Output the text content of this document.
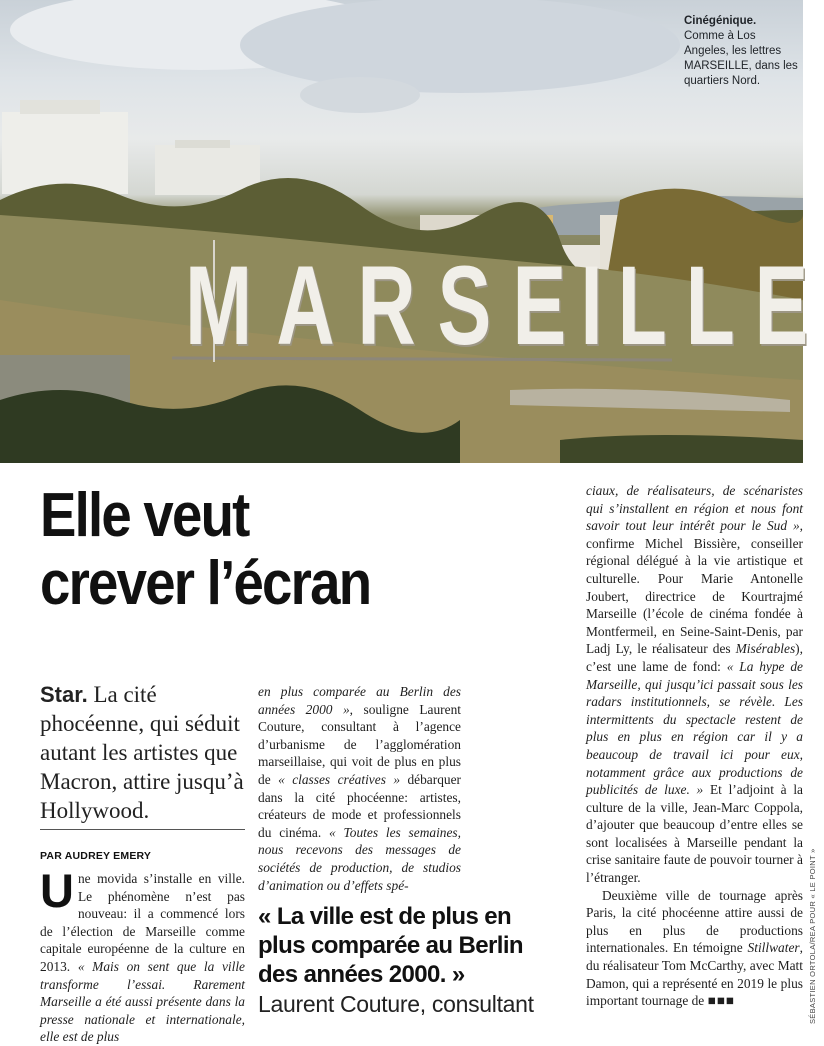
M A R S E I L L E
Cinégénique.
Comme à Los Angeles, les lettres MARSEILLE, dans les quartiers Nord.
Elle veut
crever l’écran
Star. La cité phocéenne, qui séduit autant les artistes que Macron, attire jusqu’à Hollywood.
PAR AUDREY EMERY

Une movida s’installe en ville. Le phénomène n’est pas nouveau: il a commencé lors de l’élection de Marseille comme capitale européenne de la culture en 2013. « Mais on sent que la ville transforme l’essai. Rarement Marseille a été aussi présente dans la presse nationale et internationale, elle est de plus

en plus comparée au Berlin des années 2000 », souligne Laurent Couture, consultant à l’agence d’urbanisme de l’agglomération marseillaise, qui voit de plus en plus de « classes créatives » débarquer dans la cité phocéenne: artistes, créateurs de mode et professionnels du cinéma. « Toutes les semaines, nous recevons des messages de sociétés de production, de studios d’animation ou d’effets spé-

« La ville est de plus en plus comparée au Berlin des années 2000. »
Laurent Couture, consultant

ciaux, de réalisateurs, de scénaristes qui s’installent en région et nous font savoir tout leur intérêt pour le Sud », confirme Michel Bissière, conseiller régional délégué à la vie artistique et culturelle. Pour Marie Antonelle Joubert, directrice de Kourtrajmé Marseille (l’école de cinéma fondée à Montfermeil, en Seine-Saint-Denis, par Ladj Ly, le réalisateur des Misérables), c’est une lame de fond: « La hype de Marseille, qui jusqu’ici passait sous les radars institutionnels, se révèle. Les intermittents du spectacle restent de plus en plus en région car il y a beaucoup de travail ici pour eux, notamment grâce aux productions de publicités de luxe. » Et l’adjoint à la culture de la ville, Jean-Marc Coppola, d’ajouter que beaucoup d’entre elles se sont localisées à Marseille pendant la crise sanitaire faute de pouvoir tourner à l’étranger.

Deuxième ville de tournage après Paris, la cité phocéenne attire aussi de plus en plus de productions internationales. En témoigne Stillwater, du réalisateur Tom McCarthy, avec Matt Damon, qui a représenté en 2019 le plus important tournage de ■■■	SÉBASTIEN ORTOLA/REA POUR « LE POINT »
